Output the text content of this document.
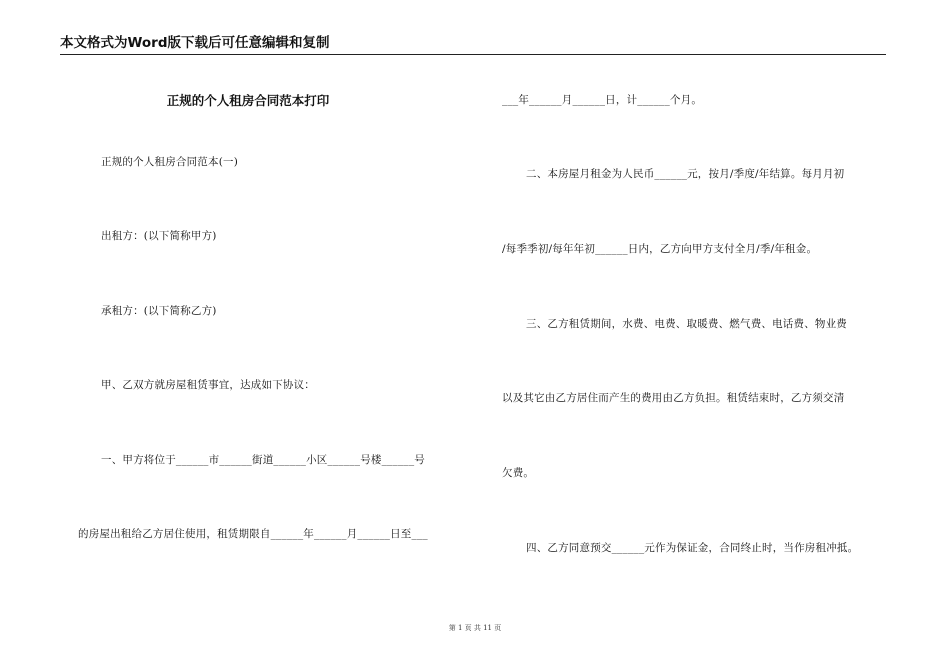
本文格式为Word版下载后可任意编辑和复制
正规的个人租房合同范本打印
正规的个人租房合同范本(一)
出租方：(以下简称甲方)
承租方：(以下简称乙方)
甲、乙双方就房屋租赁事宜，达成如下协议：
一、甲方将位于______市______街道______小区______号楼______号
的房屋出租给乙方居住使用，租赁期限自______年______月______日至___
___年______月______日，计______个月。
二、本房屋月租金为人民币______元，按月/季度/年结算。每月月初
/每季季初/每年年初______日内，乙方向甲方支付全月/季/年租金。
三、乙方租赁期间，水费、电费、取暖费、燃气费、电话费、物业费
以及其它由乙方居住而产生的费用由乙方负担。租赁结束时，乙方须交清
欠费。
四、乙方同意预交______元作为保证金，合同终止时，当作房租冲抵。
第 1 页 共 11 页
